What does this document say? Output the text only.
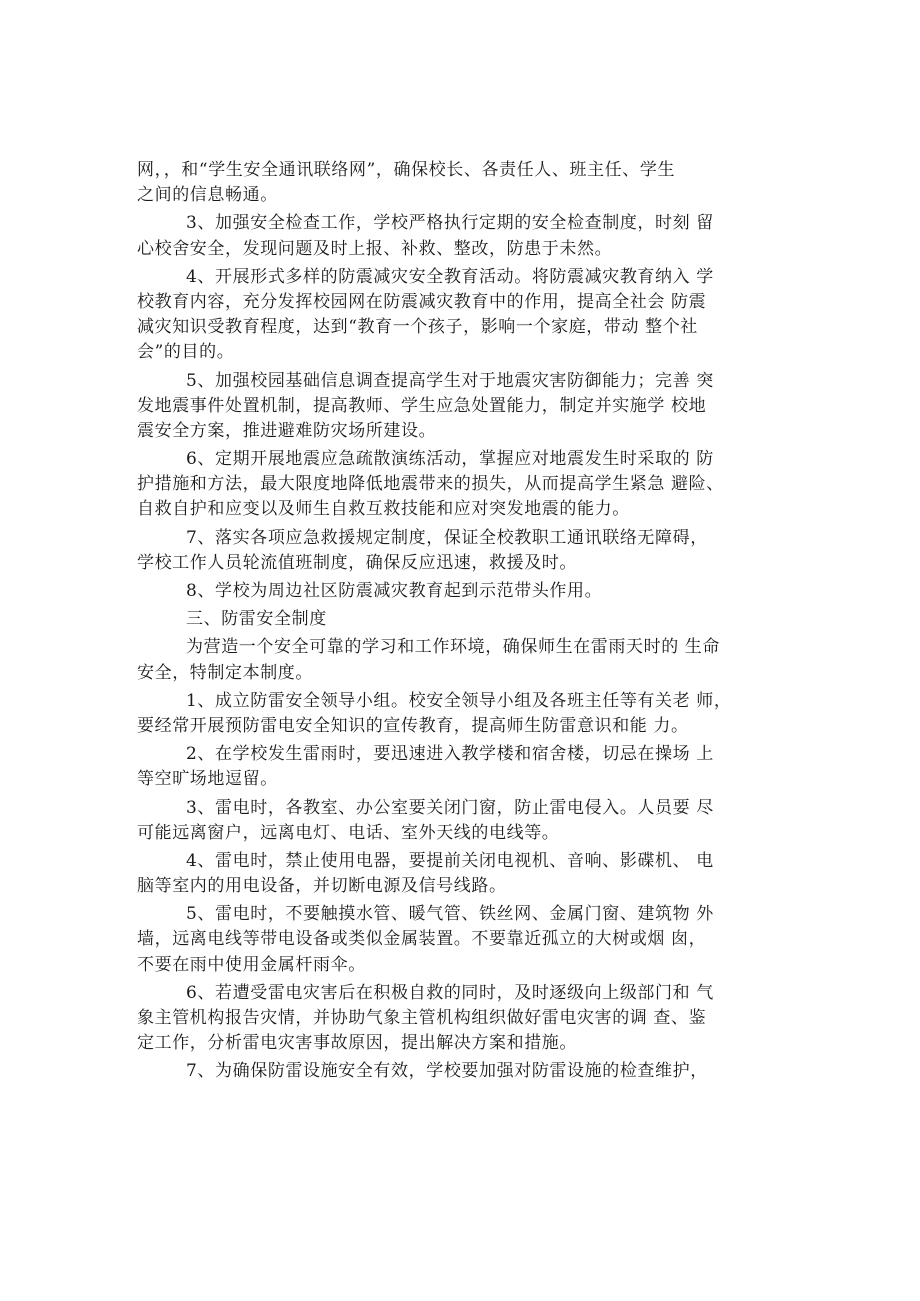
网，，和“学生安全通讯联络网”，确保校长、各责任人、班主任、学生
之间的信息畅通。
3、加强安全检查工作，学校严格执行定期的安全检查制度，时刻 留
心校舍安全，发现问题及时上报、补救、整改，防患于未然。
4、开展形式多样的防震减灾安全教育活动。将防震减灾教育纳入 学
校教育内容，充分发挥校园网在防震减灾教育中的作用，提高全社会 防震
减灾知识受教育程度，达到“教育一个孩子，影响一个家庭，带动 整个社
会”的目的。
5、加强校园基础信息调查提高学生对于地震灾害防御能力；完善 突
发地震事件处置机制，提高教师、学生应急处置能力，制定并实施学 校地
震安全方案，推进避难防灾场所建设。
6、定期开展地震应急疏散演练活动，掌握应对地震发生时采取的 防
护措施和方法，最大限度地降低地震带来的损失，从而提高学生紧急 避险、
自救自护和应变以及师生自救互救技能和应对突发地震的能力。
7、落实各项应急救援规定制度，保证全校教职工通讯联络无障碍，
学校工作人员轮流值班制度，确保反应迅速，救援及时。
8、学校为周边社区防震减灾教育起到示范带头作用。
三、防雷安全制度
为营造一个安全可靠的学习和工作环境，确保师生在雷雨天时的 生命
安全，特制定本制度。
1、成立防雷安全领导小组。校安全领导小组及各班主任等有关老 师，
要经常开展预防雷电安全知识的宣传教育，提高师生防雷意识和能 力。
2、在学校发生雷雨时，要迅速进入教学楼和宿舍楼，切忌在操场 上
等空旷场地逗留。
3、雷电时，各教室、办公室要关闭门窗，防止雷电侵入。人员要 尽
可能远离窗户，远离电灯、电话、室外天线的电线等。
4、雷电时，禁止使用电器，要提前关闭电视机、音响、影碟机、 电
脑等室内的用电设备，并切断电源及信号线路。
5、雷电时，不要触摸水管、暖气管、铁丝网、金属门窗、建筑物 外
墙，远离电线等带电设备或类似金属装置。不要靠近孤立的大树或烟 囱，
不要在雨中使用金属杆雨伞。
6、若遭受雷电灾害后在积极自救的同时，及时逐级向上级部门和 气
象主管机构报告灾情，并协助气象主管机构组织做好雷电灾害的调 查、鉴
定工作，分析雷电灾害事故原因，提出解决方案和措施。
7、为确保防雷设施安全有效，学校要加强对防雷设施的检查维护，
